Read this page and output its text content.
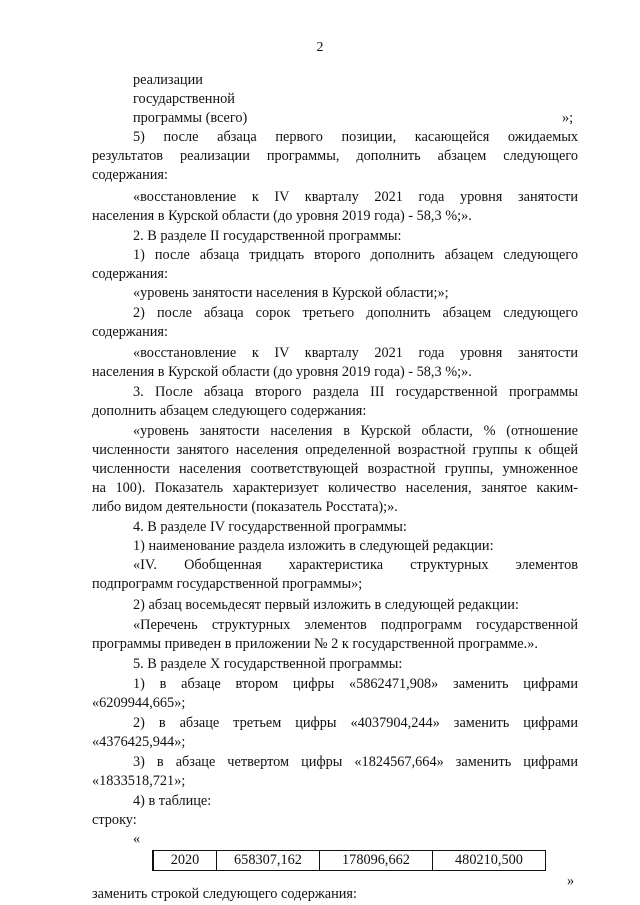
2
реализации
государственной
программы (всего)	»;
5) после абзаца первого позиции, касающейся ожидаемых
результатов реализации программы, дополнить абзацем следующего
содержания:
«восстановление к IV кварталу 2021 года уровня занятости
населения в Курской области (до уровня 2019 года) - 58,3 %;».
2. В разделе II государственной программы:
1) после абзаца тридцать второго дополнить абзацем следующего
содержания:
«уровень занятости населения в Курской области;»;
2) после абзаца сорок третьего дополнить абзацем следующего
содержания:
«восстановление к IV кварталу 2021 года уровня занятости
населения в Курской области (до уровня 2019 года) - 58,3 %;».
3. После абзаца второго раздела III государственной программы
дополнить абзацем следующего содержания:
«уровень занятости населения в Курской области, % (отношение
численности занятого населения определенной возрастной группы к общей
численности населения соответствующей возрастной группы, умноженное
на 100). Показатель характеризует количество населения, занятое каким-
либо видом деятельности (показатель Росстата);».
4. В разделе IV государственной программы:
1) наименование раздела изложить в следующей редакции:
«IV. Обобщенная характеристика структурных элементов
подпрограмм государственной программы»;
2) абзац восемьдесят первый изложить в следующей редакции:
«Перечень структурных элементов подпрограмм государственной
программы приведен в приложении № 2 к государственной программе.».
5. В разделе X государственной программы:
1) в абзаце втором цифры «5862471,908» заменить цифрами
«6209944,665»;
2) в абзаце третьем цифры «4037904,244» заменить цифрами
«4376425,944»;
3) в абзаце четвертом цифры «1824567,664» заменить цифрами
«1833518,721»;
4) в таблице:
строку:
«
2020	658307,162	178096,662	480210,500
»
заменить строкой следующего содержания:
